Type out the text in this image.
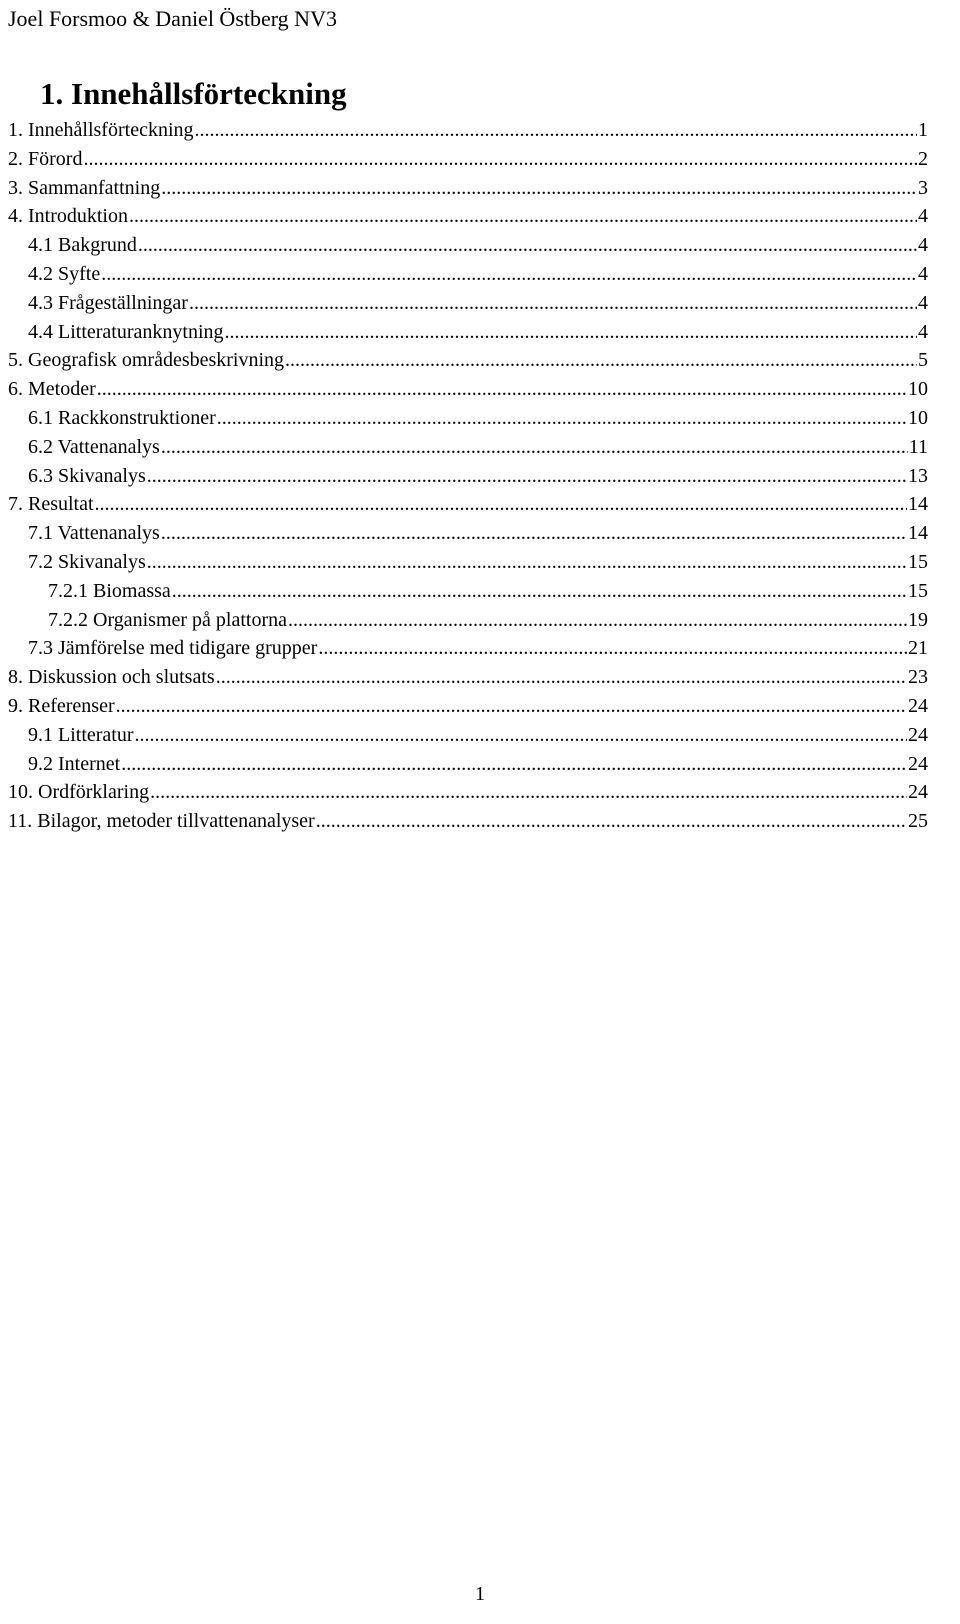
Joel Forsmoo & Daniel Östberg NV3
1. Innehållsförteckning
1. Innehållsförteckning .....	1
2. Förord .....	2
3. Sammanfattning .....	3
4. Introduktion .....	4
4.1 Bakgrund .....	4
4.2 Syfte .....	4
4.3 Frågeställningar .....	4
4.4 Litteraturanknytning .....	4
5. Geografisk områdesbeskrivning .....	5
6. Metoder .....	10
6.1 Rackkonstruktioner .....	10
6.2 Vattenanalys .....	11
6.3 Skivanalys .....	13
7. Resultat .....	14
7.1 Vattenanalys .....	14
7.2 Skivanalys .....	15
7.2.1 Biomassa .....	15
7.2.2 Organismer på plattorna .....	19
7.3 Jämförelse med tidigare grupper .....	21
8. Diskussion och slutsats .....	23
9. Referenser .....	24
9.1 Litteratur .....	24
9.2 Internet .....	24
10. Ordförklaring .....	24
11. Bilagor, metoder tillvattenanalyser .....	25
1
